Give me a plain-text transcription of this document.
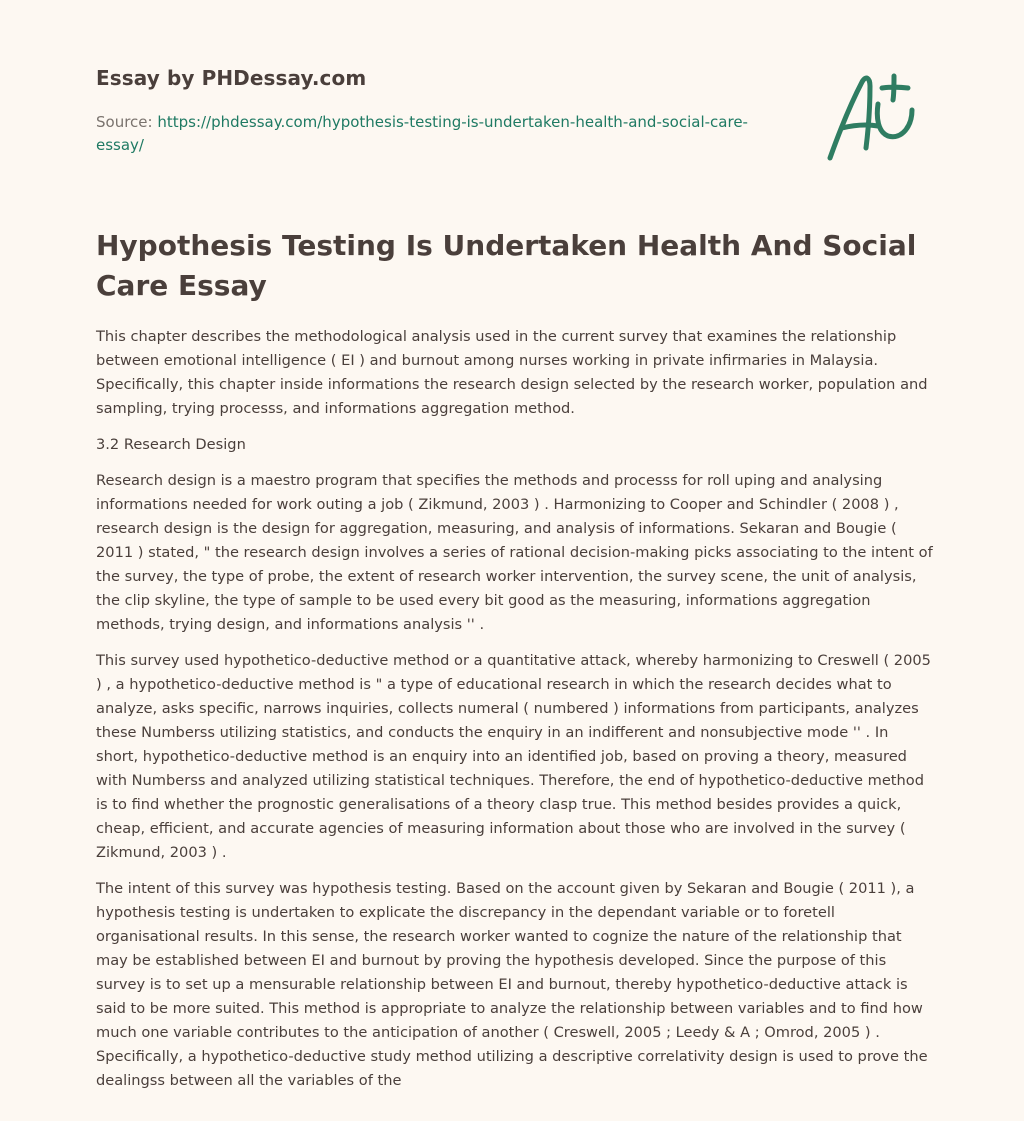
Essay by PHDessay.com

Source: https://phdessay.com/hypothesis-testing-is-undertaken-health-and-social-care-essay/

Hypothesis Testing Is Undertaken Health And Social Care Essay

This chapter describes the methodological analysis used in the current survey that examines the relationship between emotional intelligence ( EI ) and burnout among nurses working in private infirmaries in Malaysia. Specifically, this chapter inside informations the research design selected by the research worker, population and sampling, trying processs, and informations aggregation method.

3.2 Research Design

Research design is a maestro program that specifies the methods and processs for roll uping and analysing informations needed for work outing a job ( Zikmund, 2003 ) . Harmonizing to Cooper and Schindler ( 2008 ) , research design is the design for aggregation, measuring, and analysis of informations. Sekaran and Bougie ( 2011 ) stated, " the research design involves a series of rational decision-making picks associating to the intent of the survey, the type of probe, the extent of research worker intervention, the survey scene, the unit of analysis, the clip skyline, the type of sample to be used every bit good as the measuring, informations aggregation methods, trying design, and informations analysis '' .

This survey used hypothetico-deductive method or a quantitative attack, whereby harmonizing to Creswell ( 2005 ) , a hypothetico-deductive method is " a type of educational research in which the research decides what to analyze, asks specific, narrows inquiries, collects numeral ( numbered ) informations from participants, analyzes these Numberss utilizing statistics, and conducts the enquiry in an indifferent and nonsubjective mode '' . In short, hypothetico-deductive method is an enquiry into an identified job, based on proving a theory, measured with Numberss and analyzed utilizing statistical techniques. Therefore, the end of hypothetico-deductive method is to find whether the prognostic generalisations of a theory clasp true. This method besides provides a quick, cheap, efficient, and accurate agencies of measuring information about those who are involved in the survey ( Zikmund, 2003 ) .

The intent of this survey was hypothesis testing. Based on the account given by Sekaran and Bougie ( 2011 ), a hypothesis testing is undertaken to explicate the discrepancy in the dependant variable or to foretell organisational results. In this sense, the research worker wanted to cognize the nature of the relationship that may be established between EI and burnout by proving the hypothesis developed. Since the purpose of this survey is to set up a mensurable relationship between EI and burnout, thereby hypothetico-deductive attack is said to be more suited. This method is appropriate to analyze the relationship between variables and to find how much one variable contributes to the anticipation of another ( Creswell, 2005 ; Leedy & A ; Omrod, 2005 ) . Specifically, a hypothetico-deductive study method utilizing a descriptive correlativity design is used to prove the dealingss between all the variables of the
